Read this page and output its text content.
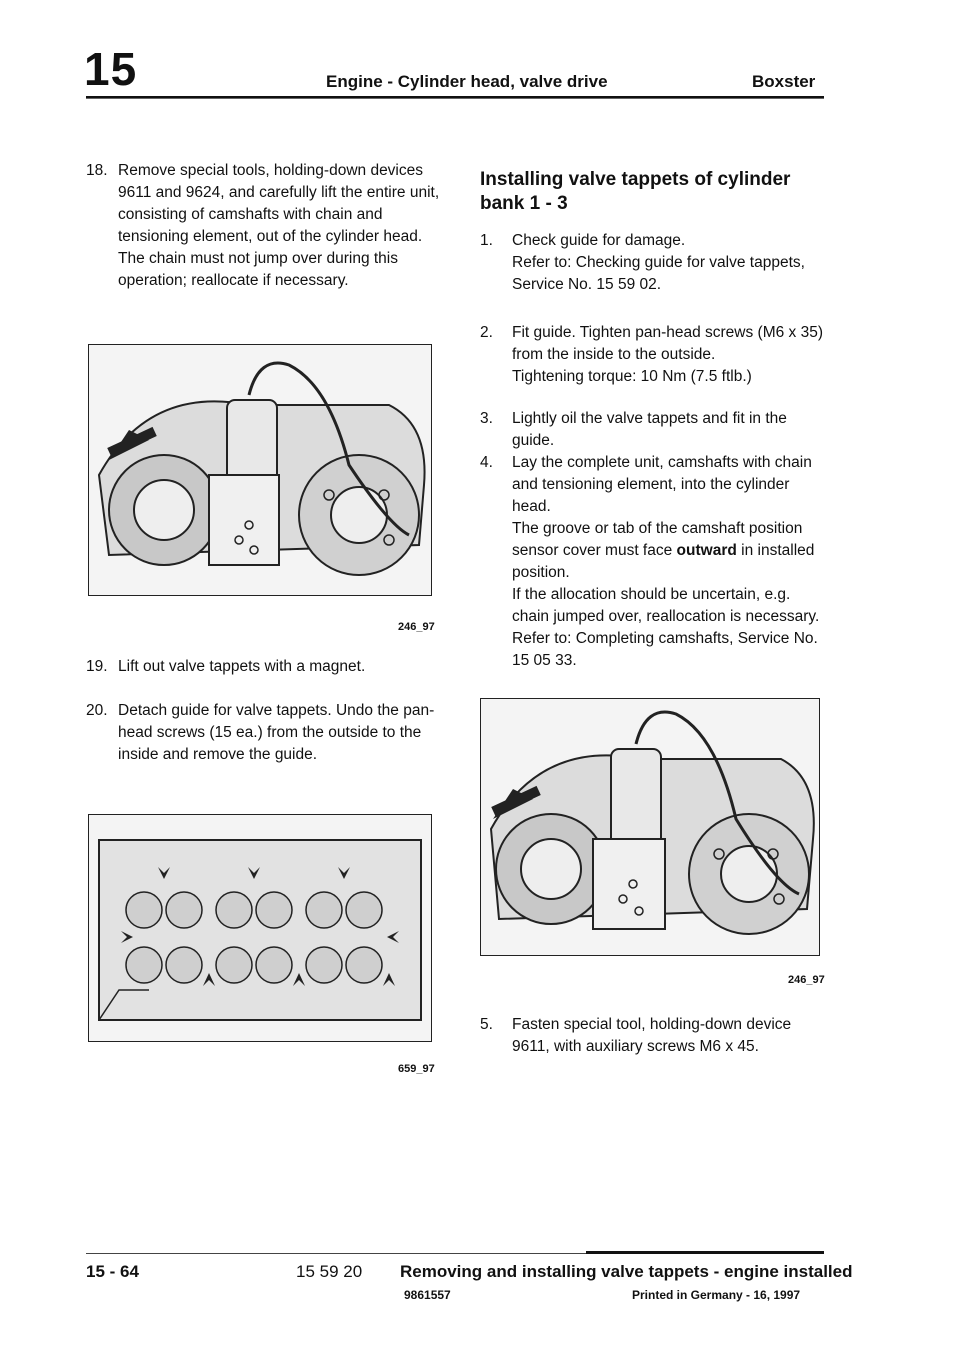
15	Engine - Cylinder head, valve drive	Boxster
18. Remove special tools, holding-down devices 9611 and 9624, and carefully lift the entire unit, consisting of camshafts with chain and tensioning element, out of the cylinder head. The chain must not jump over during this operation; reallocate if necessary.

246_97
19. Lift out valve tappets with a magnet.

20. Detach guide for valve tappets. Undo the pan-head screws (15 ea.) from the outside to the inside and remove the guide.

659_97

Installing valve tappets of cylinder bank 1 - 3

1. Check guide for damage.

Refer to: Checking guide for valve tappets, Service No. 15 59 02.

2. Fit guide. Tighten pan-head screws (M6 x 35) from the inside to the outside.

Tightening torque: 10 Nm (7.5 ftlb.)

3. Lightly oil the valve tappets and fit in the guide.

4. Lay the complete unit, camshafts with chain and tensioning element, into the cylinder head.

The groove or tab of the camshaft position sensor cover must face outward in installed position.

If the allocation should be uncertain, e.g. chain jumped over, reallocation is necessary.

Refer to: Completing camshafts, Service No. 15 05 33.

246_97
5. Fasten special tool, holding-down device 9611, with auxiliary screws M6 x 45.

15 - 64	15 59 20 Removing and installing valve tappets - engine installed
9861557	Printed in Germany - 16, 1997
